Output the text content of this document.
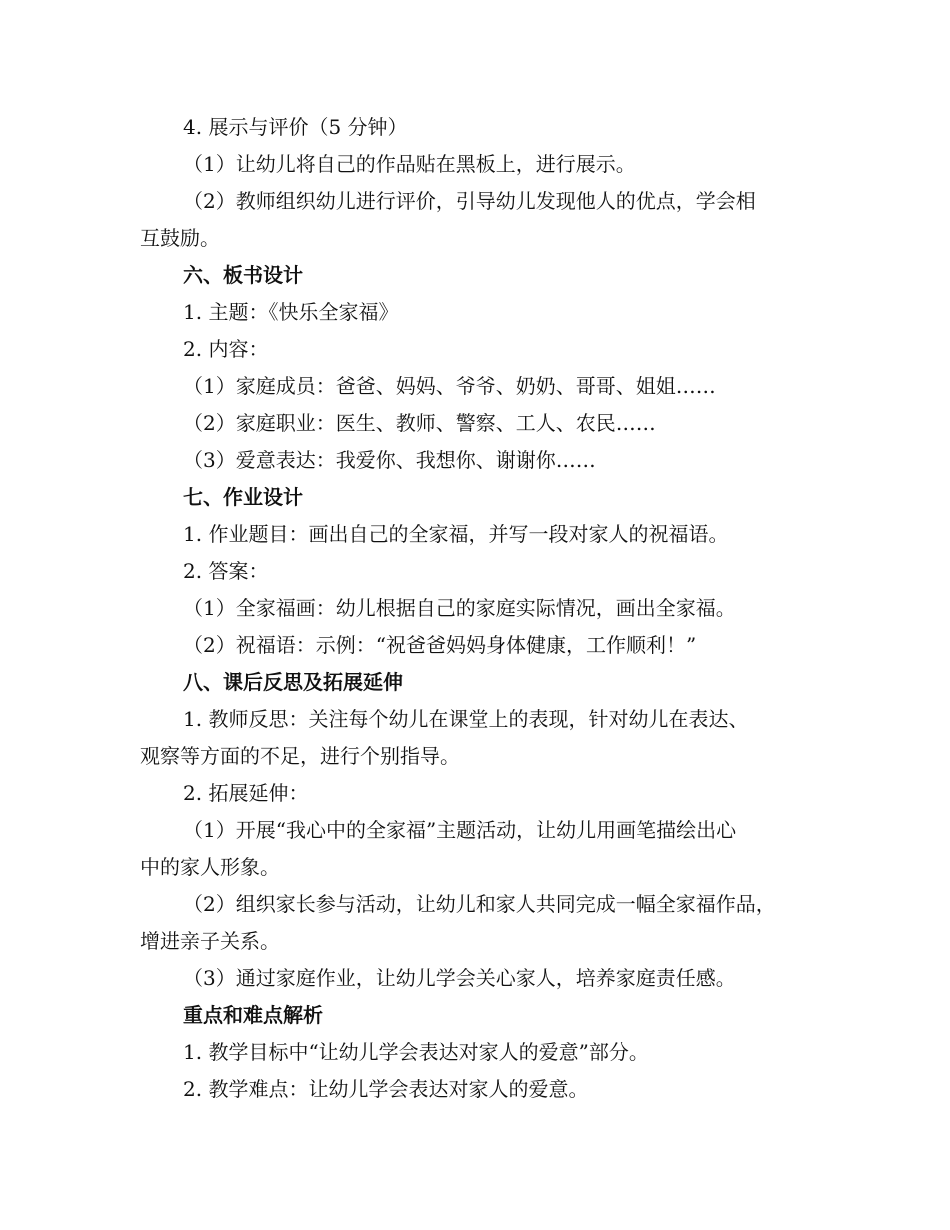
4. 展示与评价（5 分钟）
（1）让幼儿将自己的作品贴在黑板上，进行展示。
（2）教师组织幼儿进行评价，引导幼儿发现他人的优点，学会相
互鼓励。
六、板书设计
1. 主题：《快乐全家福》
2. 内容：
（1）家庭成员：爸爸、妈妈、爷爷、奶奶、哥哥、姐姐……
（2）家庭职业：医生、教师、警察、工人、农民……
（3）爱意表达：我爱你、我想你、谢谢你……
七、作业设计
1. 作业题目：画出自己的全家福，并写一段对家人的祝福语。
2. 答案：
（1）全家福画：幼儿根据自己的家庭实际情况，画出全家福。
（2）祝福语：示例：“祝爸爸妈妈身体健康，工作顺利！”
八、课后反思及拓展延伸
1. 教师反思：关注每个幼儿在课堂上的表现，针对幼儿在表达、
观察等方面的不足，进行个别指导。
2. 拓展延伸：
（1）开展“我心中的全家福”主题活动，让幼儿用画笔描绘出心
中的家人形象。
（2）组织家长参与活动，让幼儿和家人共同完成一幅全家福作品，
增进亲子关系。
（3）通过家庭作业，让幼儿学会关心家人，培养家庭责任感。
重点和难点解析
1. 教学目标中“让幼儿学会表达对家人的爱意”部分。
2. 教学难点：让幼儿学会表达对家人的爱意。
